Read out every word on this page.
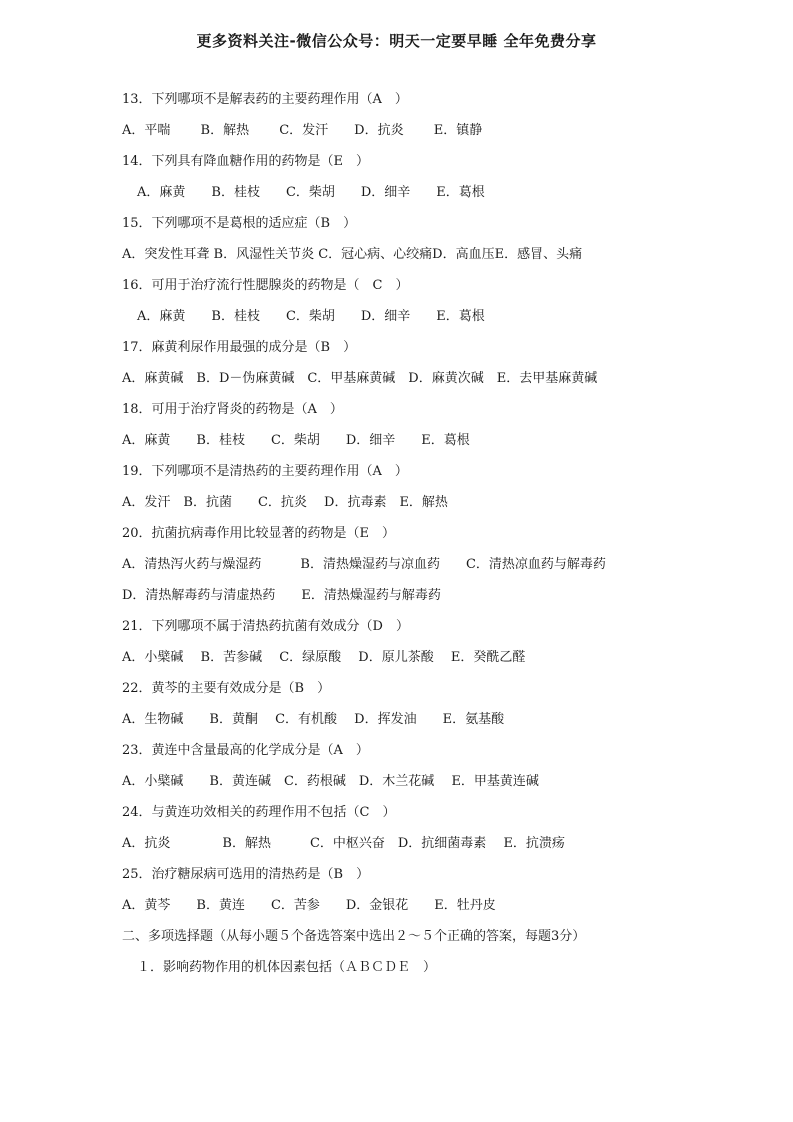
更多资料关注-微信公众号：明天一定要早睡 全年免费分享
13．下列哪项不是解表药的主要药理作用（A　）
A．平喘　　 B．解热　　 C．发汗　　D．抗炎　　 E．镇静
14．下列具有降血糖作用的药物是（E　）
A．麻黄　　B．桂枝　　C．柴胡　　D．细辛　　E．葛根
15．下列哪项不是葛根的适应症（B　）
A．突发性耳聋 B．风湿性关节炎 C．冠心病、心绞痛D．高血压E．感冒、头痛
16．可用于治疗流行性腮腺炎的药物是（　C　）
A．麻黄　　B．桂枝　　C．柴胡　　D．细辛　　E．葛根
17．麻黄利尿作用最强的成分是（B　）
A．麻黄碱　B．D－伪麻黄碱　C．甲基麻黄碱　D．麻黄次碱　E．去甲基麻黄碱
18．可用于治疗肾炎的药物是（A　）
A．麻黄　　B．桂枝　　C．柴胡　　D．细辛　　E．葛根
19．下列哪项不是清热药的主要药理作用（A　）
A．发汗　B．抗菌　　C．抗炎　 D．抗毒素　E．解热
20．抗菌抗病毒作用比较显著的药物是（E　）
A．清热泻火药与燥湿药　　　B．清热燥湿药与凉血药　　C．清热凉血药与解毒药
D．清热解毒药与清虚热药　　E．清热燥湿药与解毒药
21．下列哪项不属于清热药抗菌有效成分（D　）
A．小檗碱　 B．苦参碱　 C．绿原酸　 D．原儿茶酸　 E．癸酰乙醛
22．黄芩的主要有效成分是（B　）
A．生物碱　　B．黄酮　 C．有机酸　 D．挥发油　　E．氨基酸
23．黄连中含量最高的化学成分是（A　）
A．小檗碱　　B．黄连碱　C．药根碱　D．木兰花碱　 E．甲基黄连碱
24．与黄连功效相关的药理作用不包括（C　）
A．抗炎　　　　B．解热　　　C．中枢兴奋　D．抗细菌毒素　 E．抗溃疡
25．治疗糖尿病可选用的清热药是（B　）
A．黄芩　　B．黄连　　C．苦参　　D．金银花　　E．牡丹皮
二、多项选择题（从每小题５个备选答案中选出２～５个正确的答案，每题3分）
１．影响药物作用的机体因素包括（ＡＢＣＤＥ　）
